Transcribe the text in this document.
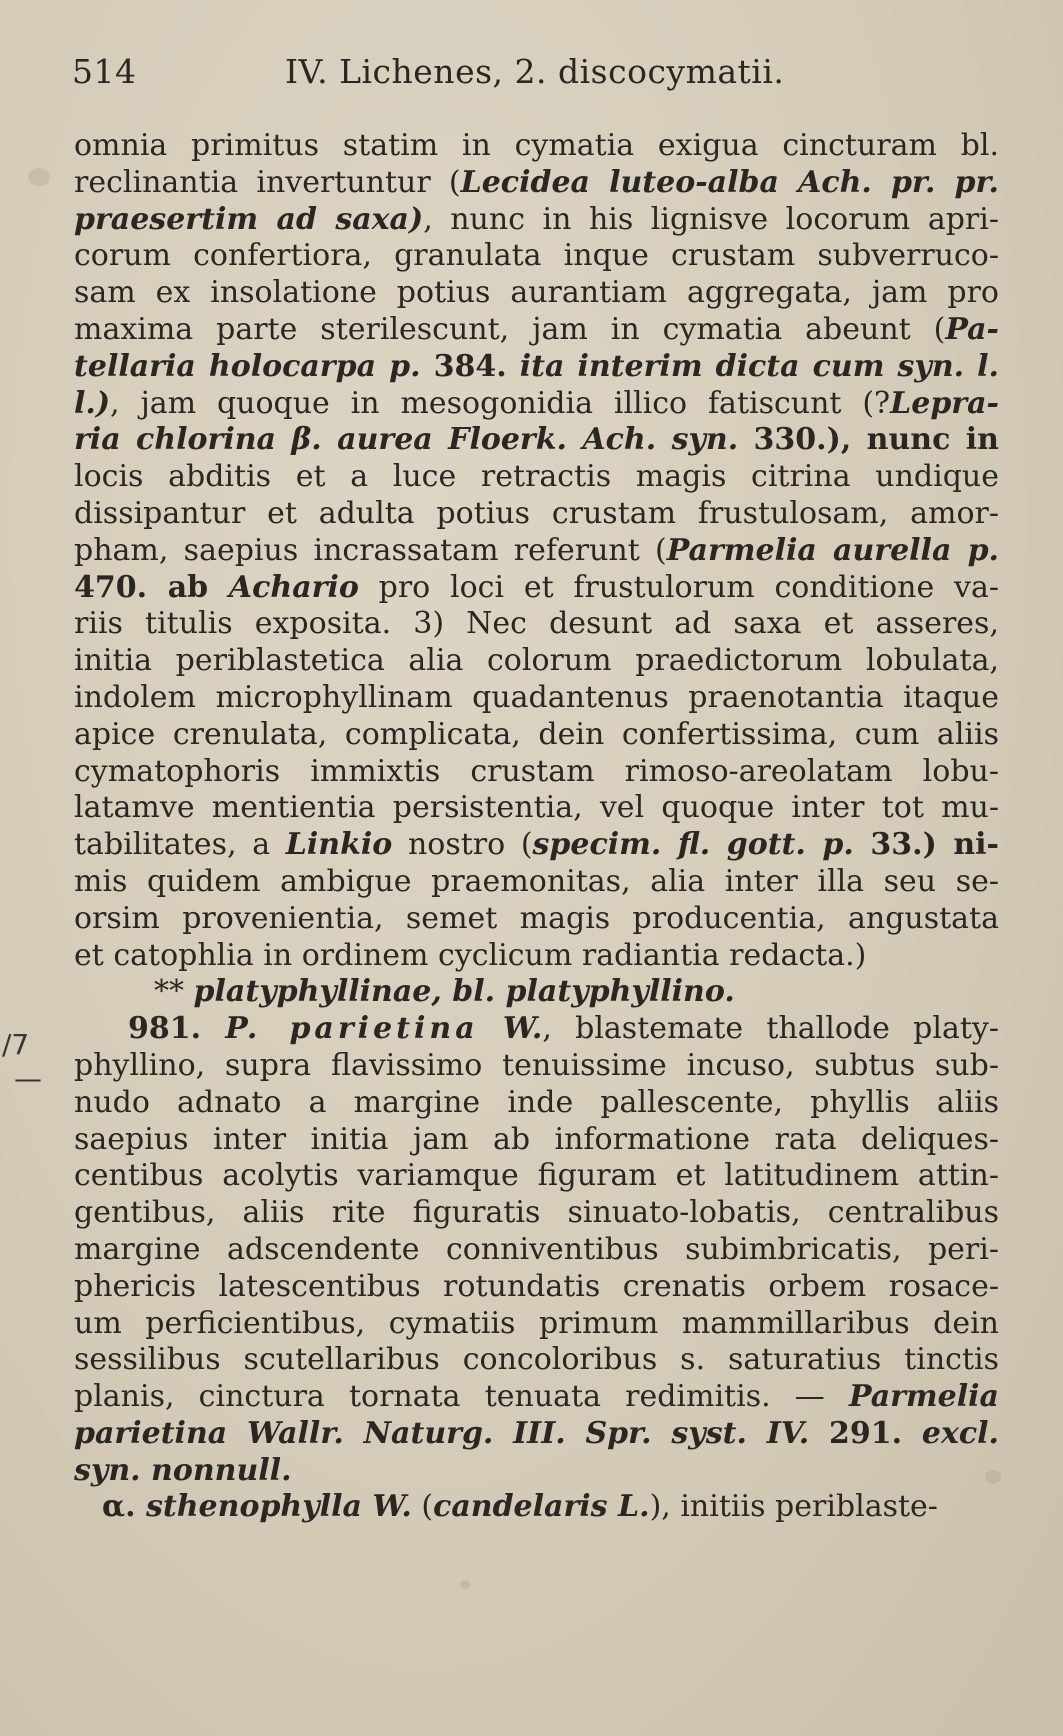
514	IV. Lichenes, 2. discocymatii.
/7
—
omnia primitus statim in cymatia exigua cincturam bl.
reclinantia invertuntur (Lecidea luteo-alba Ach. pr. pr.
praesertim ad saxa), nunc in his lignisve locorum apri-
corum confertiora, granulata inque crustam subverruco-
sam ex insolatione potius aurantiam aggregata, jam pro
maxima parte sterilescunt, jam in cymatia abeunt (Pa-
tellaria holocarpa p. 384. ita interim dicta cum syn. l.
l.), jam quoque in mesogonidia illico fatiscunt (?Lepra-
ria chlorina β. aurea Floerk. Ach. syn. 330.), nunc in
locis abditis et a luce retractis magis citrina undique
dissipantur et adulta potius crustam frustulosam, amor-
pham, saepius incrassatam referunt (Parmelia aurella p.
470. ab Achario pro loci et frustulorum conditione va-
riis titulis exposita. 3) Nec desunt ad saxa et asseres,
initia periblastetica alia colorum praedictorum lobulata,
indolem microphyllinam quadantenus praenotantia itaque
apice crenulata, complicata, dein confertissima, cum aliis
cymatophoris immixtis crustam rimoso-areolatam lobu-
latamve mentientia persistentia, vel quoque inter tot mu-
tabilitates, a Linkio nostro (specim. fl. gott. p. 33.) ni-
mis quidem ambigue praemonitas, alia inter illa seu se-
orsim provenientia, semet magis producentia, angustata
et catophlia in ordinem cyclicum radiantia redacta.)
** platyphyllinae, bl. platyphyllino.
981. P. parietina W., blastemate thallode platy-
phyllino, supra flavissimo tenuissime incuso, subtus sub-
nudo adnato a margine inde pallescente, phyllis aliis
saepius inter initia jam ab informatione rata deliques-
centibus acolytis variamque figuram et latitudinem attin-
gentibus, aliis rite figuratis sinuato-lobatis, centralibus
margine adscendente conniventibus subimbricatis, peri-
phericis latescentibus rotundatis crenatis orbem rosace-
um perficientibus, cymatiis primum mammillaribus dein
sessilibus scutellaribus concoloribus s. saturatius tinctis
planis, cinctura tornata tenuata redimitis. — Parmelia
parietina Wallr. Naturg. III. Spr. syst. IV. 291. excl.
syn. nonnull.
α. sthenophylla W. (candelaris L.), initiis periblaste-
